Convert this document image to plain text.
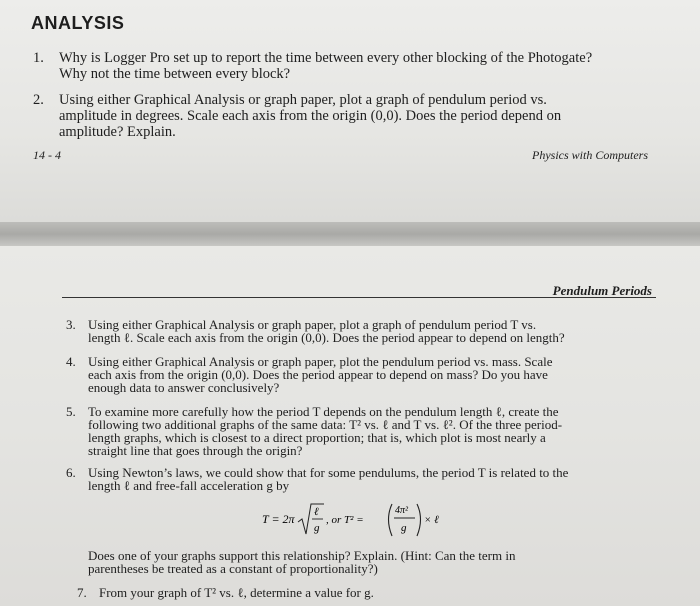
ANALYSIS
1. Why is Logger Pro set up to report the time between every other blocking of the Photogate?
Why not the time between every block?
2. Using either Graphical Analysis or graph paper, plot a graph of pendulum period vs.
amplitude in degrees. Scale each axis from the origin (0,0). Does the period depend on
amplitude? Explain.
14 - 4	Physics with Computers
Pendulum Periods
3. Using either Graphical Analysis or graph paper, plot a graph of pendulum period T vs.
length ℓ. Scale each axis from the origin (0,0). Does the period appear to depend on length?
4. Using either Graphical Analysis or graph paper, plot the pendulum period vs. mass. Scale
each axis from the origin (0,0). Does the period appear to depend on mass? Do you have
enough data to answer conclusively?
5. To examine more carefully how the period T depends on the pendulum length ℓ, create the
following two additional graphs of the same data: T² vs. ℓ and T vs. ℓ². Of the three period-
length graphs, which is closest to a direct proportion; that is, which plot is most nearly a
straight line that goes through the origin?
6. Using Newton’s laws, we could show that for some pendulums, the period T is related to the
length ℓ and free-fall acceleration g by
T = 2π ℓ
g
, or T² =
4π²
g
× ℓ
Does one of your graphs support this relationship? Explain. (Hint: Can the term in
parentheses be treated as a constant of proportionality?)
7. From your graph of T² vs. ℓ, determine a value for g.
